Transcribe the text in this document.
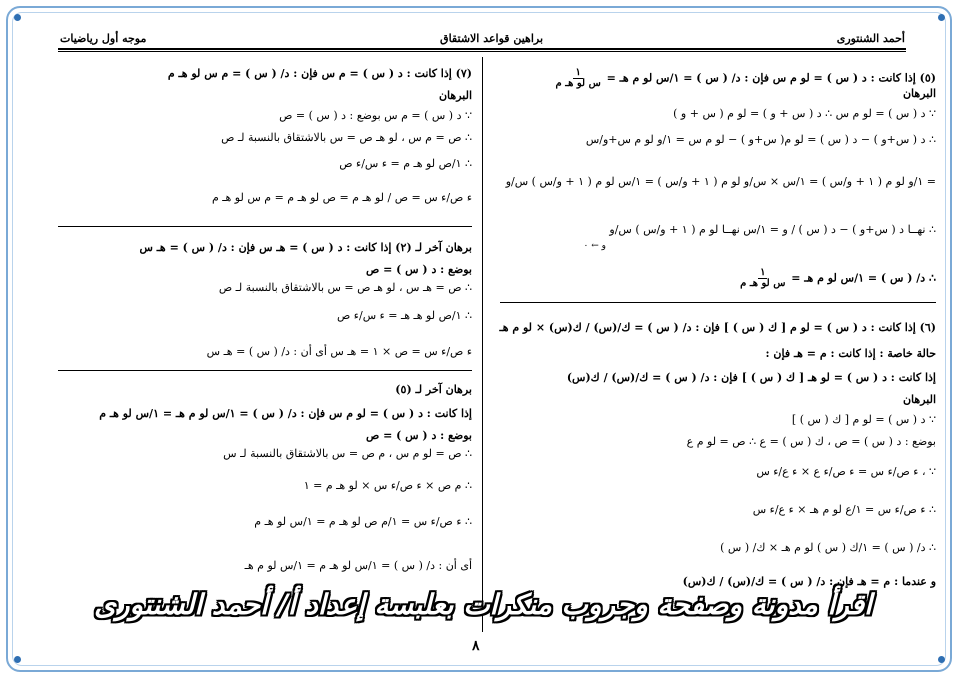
أحمد الشنتورى
براهين قواعد الاشتقاق
موجه أول رياضيات
(٥) إذا كانت : د ( س ) = لو م س فإن : د/ ( س ) = ١/س لو م هـ =
$\frac{١}{\text{س لو هـ م}}$
البرهان
∵ د ( س ) = لو م س ∴ د ( س + و ) = لو م ( س + و )
∴ د ( س+و ) − د ( س ) = لو م( س+و ) − لو م س = ١/و لو م س+و/س
= ١/و لو م ( ١ + و/س ) = ١/س × س/و لو م ( ١ + و/س ) = ١/س لو م ( ١ + و/س ) س/و
∴ نهــا د ( س+و ) − د ( س ) / و = ١/س نهــا لو م ( ١ + و/س ) س/و
و ← ٠
∴ د/ ( س ) = ١/س لو م هـ =
$\frac{١}{\text{س لو هـ م}}$
(٦) إذا كانت : د ( س ) = لو م [ ك ( س ) ] فإن : د/ ( س ) = ك/(س) / ك(س) × لو م هـ
حالة خاصة : إذا كانت : م = هـ فإن :
إذا كانت : د ( س ) = لو هـ [ ك ( س ) ] فإن : د/ ( س ) = ك/(س) / ك(س)
البرهان
∵ د ( س ) = لو م [ ك ( س ) ]
بوضع : د ( س ) = ص ، ك ( س ) = ع ∴ ص = لو م ع
∵ ، ء ص/ء س = ء ص/ء ع × ء ع/ء س
∴ ء ص/ء س = ١/ع لو م هـ × ء ع/ء س
∴ د/ ( س ) = ١/ك ( س ) لو م هـ × ك/ ( س )
و عندما : م = هـ فإن : د/ ( س ) = ك/(س) / ك(س)
(٧) إذا كانت : د ( س ) = م س فإن : د/ ( س ) = م س لو هـ م
البرهان
∵ د ( س ) = م س بوضع : د ( س ) = ص
∴ ص = م س ، لو هـ ص = س بالاشتقاق بالنسبة لـ ص
∴ ١/ص لو هـ م = ء س/ء ص
ء ص/ء س = ص / لو هـ م = ص لو هـ م = م س لو هـ م
برهان آخر لـ (٢) إذا كانت : د ( س ) = هـ س فإن : د/ ( س ) = هـ س
بوضع : د ( س ) = ص
∴ ص = هـ س ، لو هـ ص = س بالاشتقاق بالنسبة لـ ص
∴ ١/ص لو هـ هـ = ء س/ء ص
ء ص/ء س = ص × ١ = هـ س أى أن : د/ ( س ) = هـ س
برهان آخر لـ (٥)
إذا كانت : د ( س ) = لو م س فإن : د/ ( س ) = ١/س لو م هـ = ١/س لو هـ م
بوضع : د ( س ) = ص
∴ ص = لو م س ، م ص = س بالاشتقاق بالنسبة لـ س
∴ م ص × ء ص/ء س × لو هـ م = ١
∴ ء ص/ء س = ١/م ص لو هـ م = ١/س لو هـ م
أى أن : د/ ( س ) = ١/س لو هـ م = ١/س لو م هـ
اقرأ مدونة وصفحة وجروب منكرات بعلبسة إعداد أ/ أحمد الشنتورى
٨
